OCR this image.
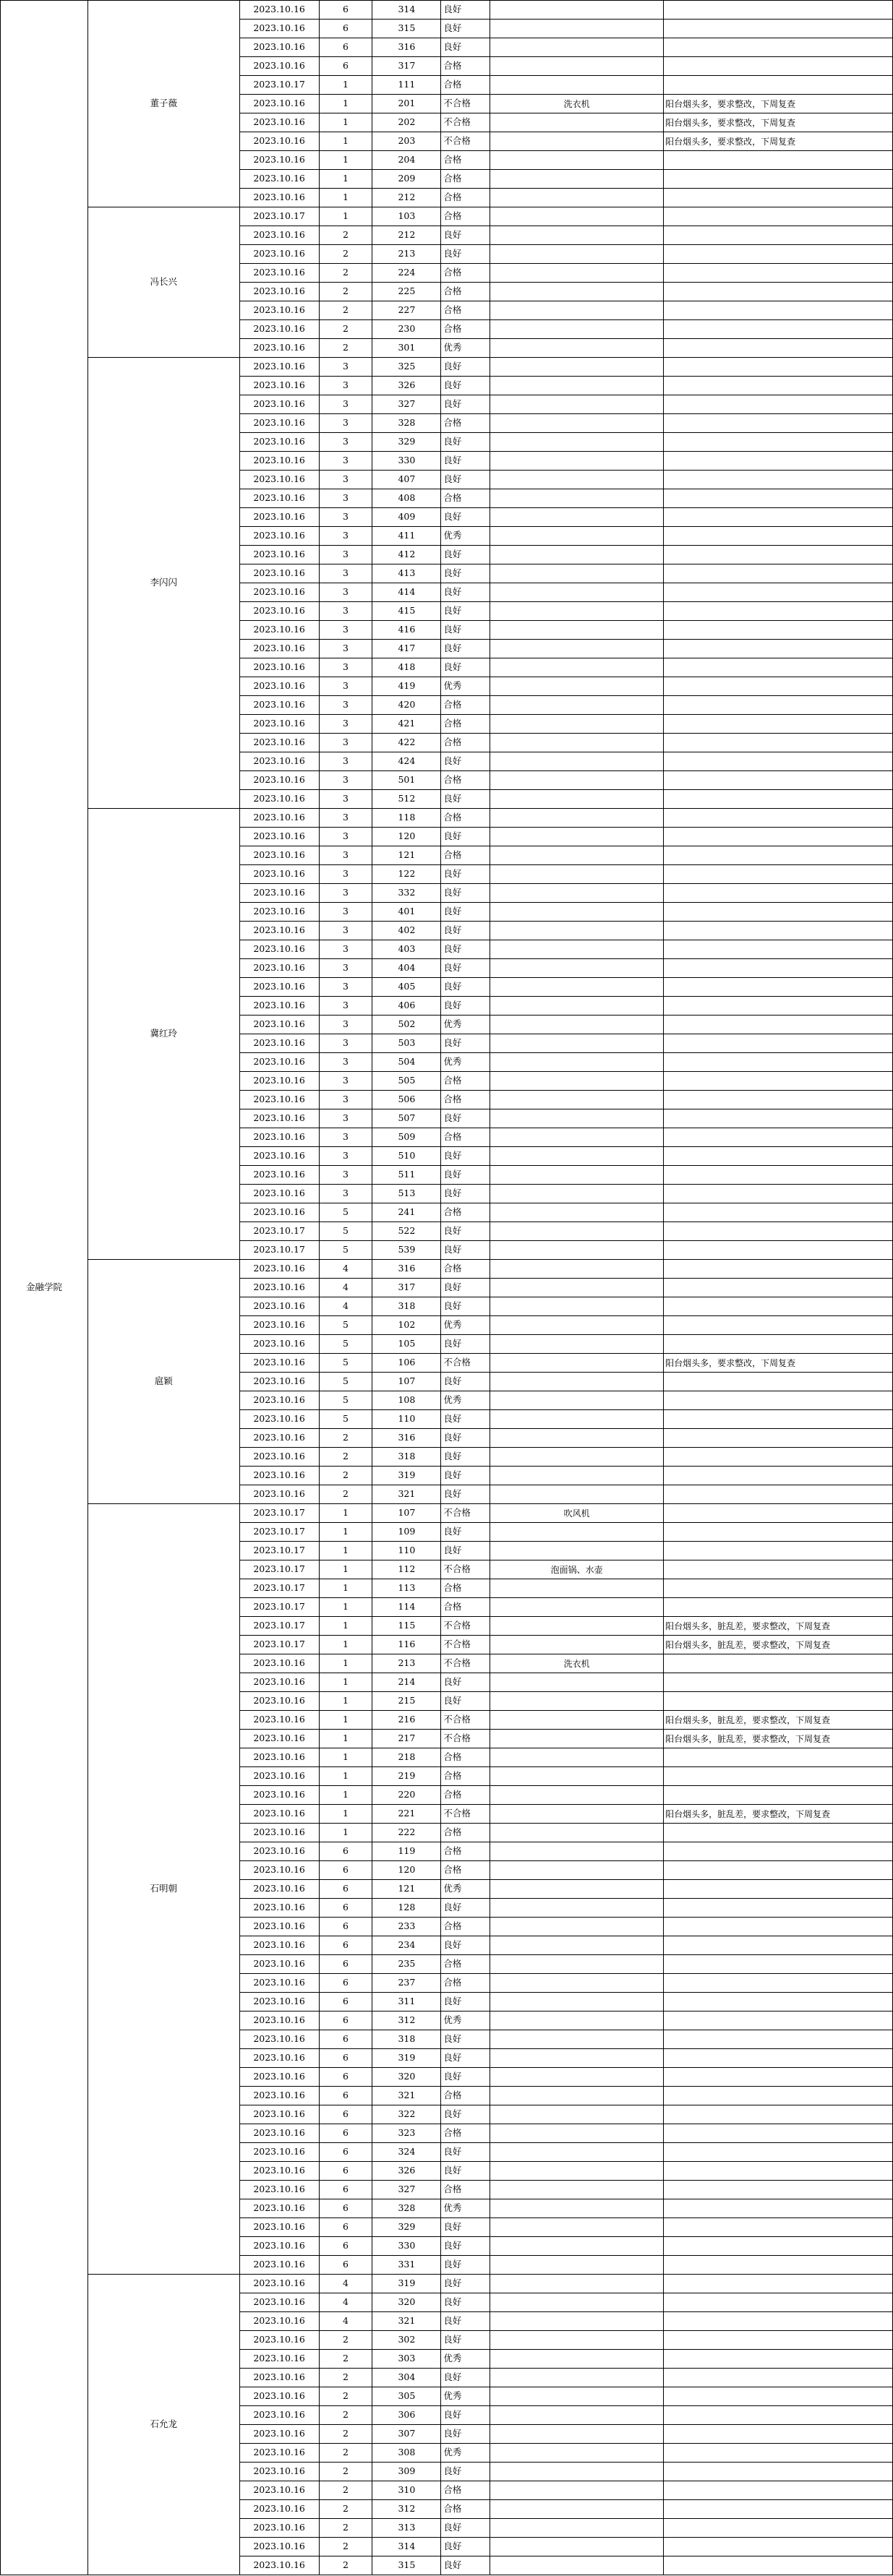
金融学院	董子薇	2023.10.16	6	314	良好		
		2023.10.16	6	315	良好		
		2023.10.16	6	316	良好		
		2023.10.16	6	317	合格		
		2023.10.17	1	111	合格		
		2023.10.16	1	201	不合格	洗衣机	阳台烟头多，要求整改，下周复查
		2023.10.16	1	202	不合格		阳台烟头多，要求整改，下周复查
		2023.10.16	1	203	不合格		阳台烟头多，要求整改，下周复查
		2023.10.16	1	204	合格		
		2023.10.16	1	209	合格		
		2023.10.16	1	212	合格		
	冯长兴	2023.10.17	1	103	合格		
		2023.10.16	2	212	良好		
		2023.10.16	2	213	良好		
		2023.10.16	2	224	合格		
		2023.10.16	2	225	合格		
		2023.10.16	2	227	合格		
		2023.10.16	2	230	合格		
		2023.10.16	2	301	优秀		
	李闪闪	2023.10.16	3	325	良好		
		2023.10.16	3	326	良好		
		2023.10.16	3	327	良好		
		2023.10.16	3	328	合格		
		2023.10.16	3	329	良好		
		2023.10.16	3	330	良好		
		2023.10.16	3	407	良好		
		2023.10.16	3	408	合格		
		2023.10.16	3	409	良好		
		2023.10.16	3	411	优秀		
		2023.10.16	3	412	良好		
		2023.10.16	3	413	良好		
		2023.10.16	3	414	良好		
		2023.10.16	3	415	良好		
		2023.10.16	3	416	良好		
		2023.10.16	3	417	良好		
		2023.10.16	3	418	良好		
		2023.10.16	3	419	优秀		
		2023.10.16	3	420	合格		
		2023.10.16	3	421	合格		
		2023.10.16	3	422	合格		
		2023.10.16	3	424	良好		
		2023.10.16	3	501	合格		
		2023.10.16	3	512	良好		
	冀红玲	2023.10.16	3	118	合格		
		2023.10.16	3	120	良好		
		2023.10.16	3	121	合格		
		2023.10.16	3	122	良好		
		2023.10.16	3	332	良好		
		2023.10.16	3	401	良好		
		2023.10.16	3	402	良好		
		2023.10.16	3	403	良好		
		2023.10.16	3	404	良好		
		2023.10.16	3	405	良好		
		2023.10.16	3	406	良好		
		2023.10.16	3	502	优秀		
		2023.10.16	3	503	良好		
		2023.10.16	3	504	优秀		
		2023.10.16	3	505	合格		
		2023.10.16	3	506	合格		
		2023.10.16	3	507	良好		
		2023.10.16	3	509	合格		
		2023.10.16	3	510	良好		
		2023.10.16	3	511	良好		
		2023.10.16	3	513	良好		
		2023.10.16	5	241	合格		
		2023.10.17	5	522	良好		
		2023.10.17	5	539	良好		
	扈颖	2023.10.16	4	316	合格		
		2023.10.16	4	317	良好		
		2023.10.16	4	318	良好		
		2023.10.16	5	102	优秀		
		2023.10.16	5	105	良好		
		2023.10.16	5	106	不合格		阳台烟头多，要求整改，下周复查
		2023.10.16	5	107	良好		
		2023.10.16	5	108	优秀		
		2023.10.16	5	110	良好		
		2023.10.16	2	316	良好		
		2023.10.16	2	318	良好		
		2023.10.16	2	319	良好		
		2023.10.16	2	321	良好		
	石明朝	2023.10.17	1	107	不合格	吹风机	
		2023.10.17	1	109	良好		
		2023.10.17	1	110	良好		
		2023.10.17	1	112	不合格	泡面锅、水壶	
		2023.10.17	1	113	合格		
		2023.10.17	1	114	合格		
		2023.10.17	1	115	不合格		阳台烟头多，脏乱差，要求整改，下周复查
		2023.10.17	1	116	不合格		阳台烟头多，脏乱差，要求整改，下周复查
		2023.10.16	1	213	不合格	洗衣机	
		2023.10.16	1	214	良好		
		2023.10.16	1	215	良好		
		2023.10.16	1	216	不合格		阳台烟头多，脏乱差，要求整改，下周复查
		2023.10.16	1	217	不合格		阳台烟头多，脏乱差，要求整改，下周复查
		2023.10.16	1	218	合格		
		2023.10.16	1	219	合格		
		2023.10.16	1	220	合格		
		2023.10.16	1	221	不合格		阳台烟头多，脏乱差，要求整改，下周复查
		2023.10.16	1	222	合格		
		2023.10.16	6	119	合格		
		2023.10.16	6	120	合格		
		2023.10.16	6	121	优秀		
		2023.10.16	6	128	良好		
		2023.10.16	6	233	合格		
		2023.10.16	6	234	良好		
		2023.10.16	6	235	合格		
		2023.10.16	6	237	合格		
		2023.10.16	6	311	良好		
		2023.10.16	6	312	优秀		
		2023.10.16	6	318	良好		
		2023.10.16	6	319	良好		
		2023.10.16	6	320	良好		
		2023.10.16	6	321	合格		
		2023.10.16	6	322	良好		
		2023.10.16	6	323	合格		
		2023.10.16	6	324	良好		
		2023.10.16	6	326	良好		
		2023.10.16	6	327	合格		
		2023.10.16	6	328	优秀		
		2023.10.16	6	329	良好		
		2023.10.16	6	330	良好		
		2023.10.16	6	331	良好		
	石允龙	2023.10.16	4	319	良好		
		2023.10.16	4	320	良好		
		2023.10.16	4	321	良好		
		2023.10.16	2	302	良好		
		2023.10.16	2	303	优秀		
		2023.10.16	2	304	良好		
		2023.10.16	2	305	优秀		
		2023.10.16	2	306	良好		
		2023.10.16	2	307	良好		
		2023.10.16	2	308	优秀		
		2023.10.16	2	309	良好		
		2023.10.16	2	310	合格		
		2023.10.16	2	312	合格		
		2023.10.16	2	313	良好		
		2023.10.16	2	314	良好		
		2023.10.16	2	315	良好		
